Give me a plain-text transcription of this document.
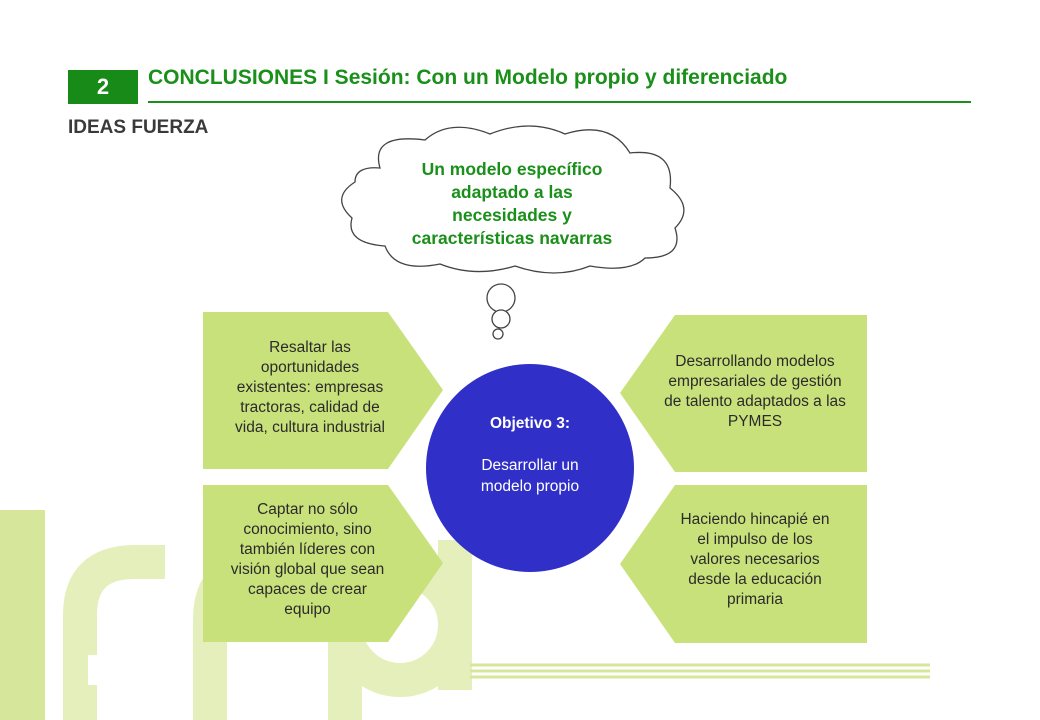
2	CONCLUSIONES I Sesión: Con un Modelo propio y diferenciado
IDEAS FUERZA
Un modelo específico
adaptado a las
necesidades y
características navarras
Resaltar las
oportunidades
existentes: empresas
tractoras, calidad de
vida, cultura industrial
Captar no sólo
conocimiento, sino
también líderes con
visión global que sean
capaces de crear
equipo
Desarrollando modelos
empresariales de gestión
de talento adaptados a las
PYMES
Haciendo hincapié en
el impulso de los
valores necesarios
desde la educación
primaria
Objetivo 3:
Desarrollar un
modelo propio
